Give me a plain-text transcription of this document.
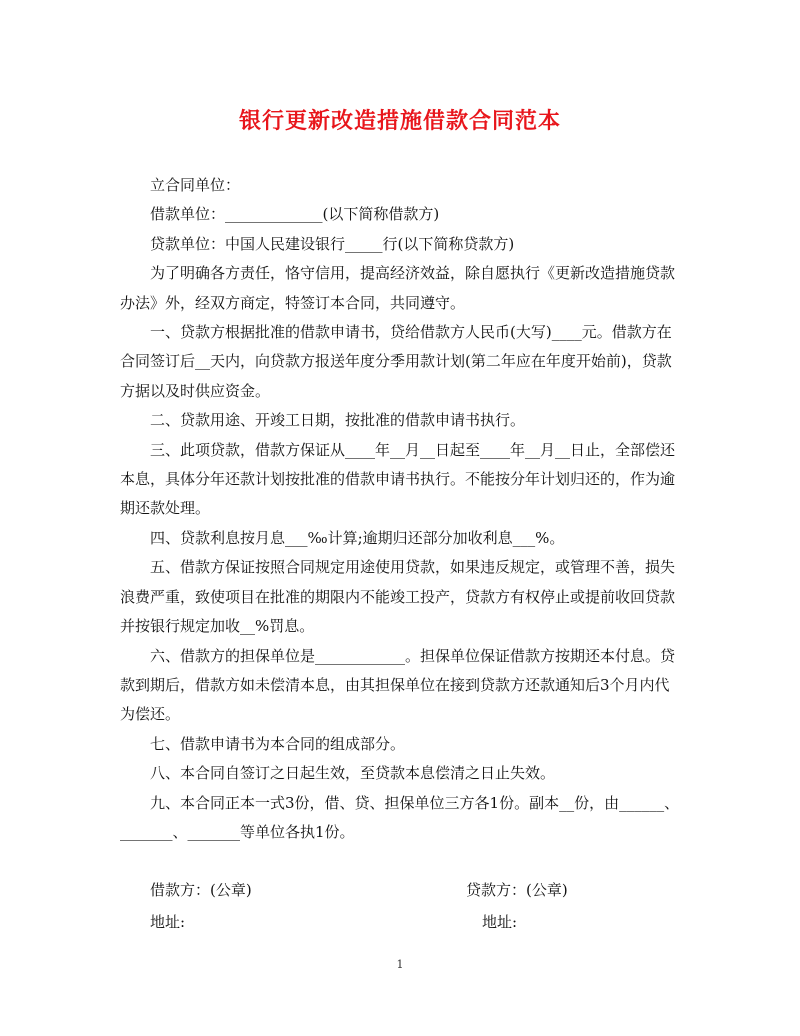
银行更新改造措施借款合同范本

立合同单位：

借款单位：_____________(以下简称借款方)

贷款单位：中国人民建设银行_____行(以下简称贷款方)

为了明确各方责任，恪守信用，提高经济效益，除自愿执行《更新改造措施贷款办法》外，经双方商定，特签订本合同，共同遵守。

一、贷款方根据批准的借款申请书，贷给借款方人民币(大写)____元。借款方在合同签订后__天内，向贷款方报送年度分季用款计划(第二年应在年度开始前)，贷款方据以及时供应资金。

二、贷款用途、开竣工日期，按批准的借款申请书执行。

三、此项贷款，借款方保证从____年__月__日起至____年__月__日止，全部偿还本息，具体分年还款计划按批准的借款申请书执行。不能按分年计划归还的，作为逾期还款处理。

四、贷款利息按月息___‰计算;逾期归还部分加收利息___%。

五、借款方保证按照合同规定用途使用贷款，如果违反规定，或管理不善，损失浪费严重，致使项目在批准的期限内不能竣工投产，贷款方有权停止或提前收回贷款并按银行规定加收__%罚息。

六、借款方的担保单位是____________。担保单位保证借款方按期还本付息。贷款到期后，借款方如未偿清本息，由其担保单位在接到贷款方还款通知后3个月内代为偿还。

七、借款申请书为本合同的组成部分。

八、本合同自签订之日起生效，至贷款本息偿清之日止失效。

九、本合同正本一式3份，借、贷、担保单位三方各1份。副本__份，由______、_______、_______等单位各执1份。

借款方：(公章)	贷款方：(公章)
地址:	地址:
1
